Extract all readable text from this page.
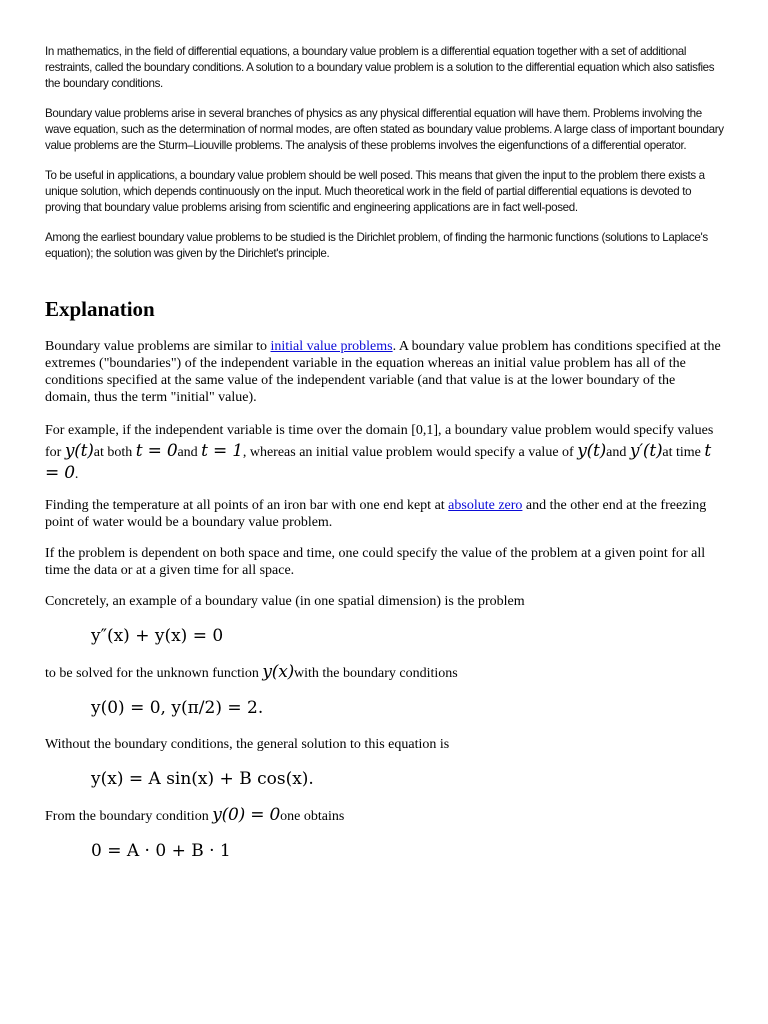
In mathematics, in the field of differential equations, a boundary value problem is a differential equation together with a set of additional restraints, called the boundary conditions. A solution to a boundary value problem is a solution to the differential equation which also satisfies the boundary conditions.

Boundary value problems arise in several branches of physics as any physical differential equation will have them. Problems involving the wave equation, such as the determination of normal modes, are often stated as boundary value problems. A large class of important boundary value problems are the Sturm–Liouville problems. The analysis of these problems involves the eigenfunctions of a differential operator.

To be useful in applications, a boundary value problem should be well posed. This means that given the input to the problem there exists a unique solution, which depends continuously on the input. Much theoretical work in the field of partial differential equations is devoted to proving that boundary value problems arising from scientific and engineering applications are in fact well-posed.

Among the earliest boundary value problems to be studied is the Dirichlet problem, of finding the harmonic functions (solutions to Laplace's equation); the solution was given by the Dirichlet's principle.

Explanation

Boundary value problems are similar to initial value problems. A boundary value problem has conditions specified at the extremes ("boundaries") of the independent variable in the equation whereas an initial value problem has all of the conditions specified at the same value of the independent variable (and that value is at the lower boundary of the domain, thus the term "initial" value).

For example, if the independent variable is time over the domain [0,1], a boundary value problem would specify values for y(t)at both t = 0and t = 1, whereas an initial value problem would specify a value of y(t)and y′(t)at time t = 0.

Finding the temperature at all points of an iron bar with one end kept at absolute zero and the other end at the freezing point of water would be a boundary value problem.

If the problem is dependent on both space and time, one could specify the value of the problem at a given point for all time the data or at a given time for all space.

Concretely, an example of a boundary value (in one spatial dimension) is the problem

y″(x) + y(x) = 0

to be solved for the unknown function y(x)with the boundary conditions

y(0) = 0, y(π/2) = 2.

Without the boundary conditions, the general solution to this equation is

y(x) = A sin(x) + B cos(x).

From the boundary condition y(0) = 0one obtains

0 = A · 0 + B · 1
